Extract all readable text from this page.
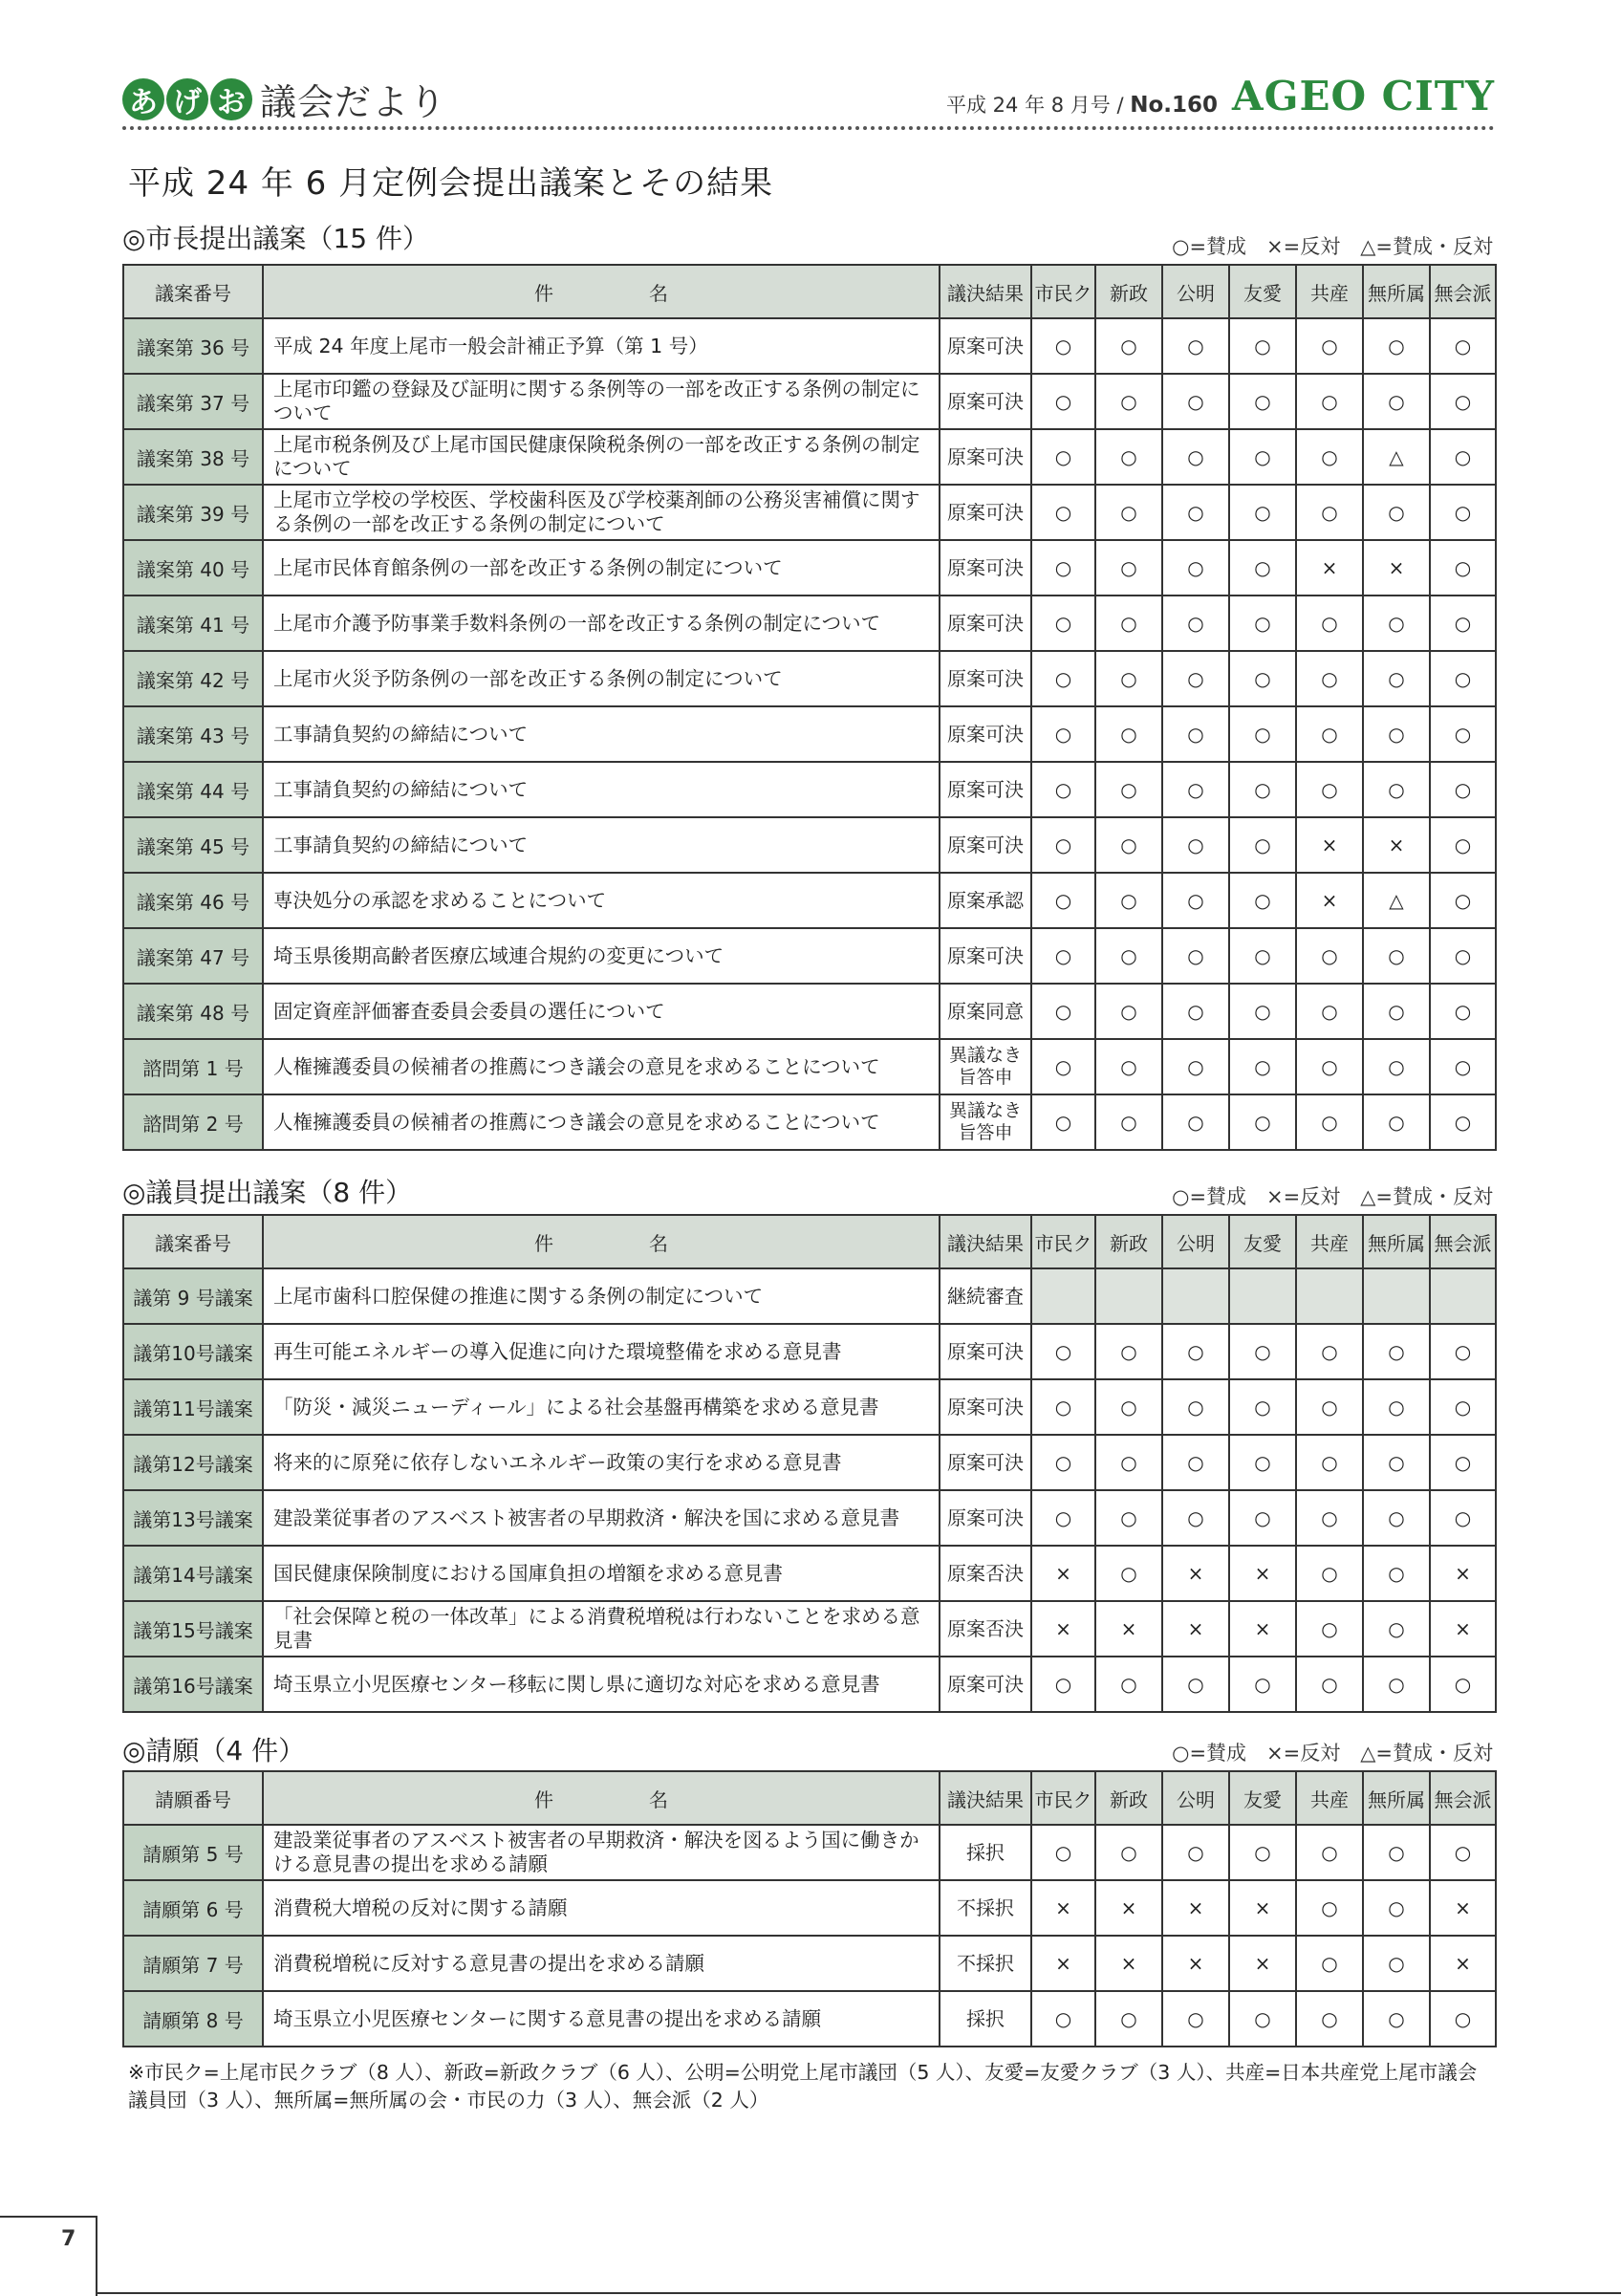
あ げ お 議会だより	平成 24 年 8 月号 / No.160 AGEO CITY
平成 24 年 6 月定例会提出議案とその結果
◎市長提出議案（15 件）	○=賛成　×=反対　△=賛成・反対
議案番号	件　　　　　名	議決結果	市民ク	新政	公明	友愛	共産	無所属	無会派
議案第 36 号	平成 24 年度上尾市一般会計補正予算（第 1 号）	原案可決	○	○	○	○	○	○	○
議案第 37 号	上尾市印鑑の登録及び証明に関する条例等の一部を改正する条例の制定について	原案可決	○	○	○	○	○	○	○
議案第 38 号	上尾市税条例及び上尾市国民健康保険税条例の一部を改正する条例の制定について	原案可決	○	○	○	○	○	△	○
議案第 39 号	上尾市立学校の学校医、学校歯科医及び学校薬剤師の公務災害補償に関する条例の一部を改正する条例の制定について	原案可決	○	○	○	○	○	○	○
議案第 40 号	上尾市民体育館条例の一部を改正する条例の制定について	原案可決	○	○	○	○	×	×	○
議案第 41 号	上尾市介護予防事業手数料条例の一部を改正する条例の制定について	原案可決	○	○	○	○	○	○	○
議案第 42 号	上尾市火災予防条例の一部を改正する条例の制定について	原案可決	○	○	○	○	○	○	○
議案第 43 号	工事請負契約の締結について	原案可決	○	○	○	○	○	○	○
議案第 44 号	工事請負契約の締結について	原案可決	○	○	○	○	○	○	○
議案第 45 号	工事請負契約の締結について	原案可決	○	○	○	○	×	×	○
議案第 46 号	専決処分の承認を求めることについて	原案承認	○	○	○	○	×	△	○
議案第 47 号	埼玉県後期高齢者医療広域連合規約の変更について	原案可決	○	○	○	○	○	○	○
議案第 48 号	固定資産評価審査委員会委員の選任について	原案同意	○	○	○	○	○	○	○
諮問第 1 号	人権擁護委員の候補者の推薦につき議会の意見を求めることについて	異議なき旨答申	○	○	○	○	○	○	○
諮問第 2 号	人権擁護委員の候補者の推薦につき議会の意見を求めることについて	異議なき旨答申	○	○	○	○	○	○	○
◎議員提出議案（8 件）	○=賛成　×=反対　△=賛成・反対
議案番号	件　　　　　名	議決結果	市民ク	新政	公明	友愛	共産	無所属	無会派
議第 9 号議案	上尾市歯科口腔保健の推進に関する条例の制定について	継続審査							
議第10号議案	再生可能エネルギーの導入促進に向けた環境整備を求める意見書	原案可決	○	○	○	○	○	○	○
議第11号議案	「防災・減災ニューディール」による社会基盤再構築を求める意見書	原案可決	○	○	○	○	○	○	○
議第12号議案	将来的に原発に依存しないエネルギー政策の実行を求める意見書	原案可決	○	○	○	○	○	○	○
議第13号議案	建設業従事者のアスベスト被害者の早期救済・解決を国に求める意見書	原案可決	○	○	○	○	○	○	○
議第14号議案	国民健康保険制度における国庫負担の増額を求める意見書	原案否決	×	○	×	×	○	○	×
議第15号議案	「社会保障と税の一体改革」による消費税増税は行わないことを求める意見書	原案否決	×	×	×	×	○	○	×
議第16号議案	埼玉県立小児医療センター移転に関し県に適切な対応を求める意見書	原案可決	○	○	○	○	○	○	○
◎請願（4 件）	○=賛成　×=反対　△=賛成・反対
請願番号	件　　　　　名	議決結果	市民ク	新政	公明	友愛	共産	無所属	無会派
請願第 5 号	建設業従事者のアスベスト被害者の早期救済・解決を図るよう国に働きかける意見書の提出を求める請願	採択	○	○	○	○	○	○	○
請願第 6 号	消費税大増税の反対に関する請願	不採択	×	×	×	×	○	○	×
請願第 7 号	消費税増税に反対する意見書の提出を求める請願	不採択	×	×	×	×	○	○	×
請願第 8 号	埼玉県立小児医療センターに関する意見書の提出を求める請願	採択	○	○	○	○	○	○	○
※市民ク=上尾市民クラブ（8 人）、新政=新政クラブ（6 人）、公明=公明党上尾市議団（5 人）、友愛=友愛クラブ（3 人）、共産=日本共産党上尾市議会議員団（3 人）、無所属=無所属の会・市民の力（3 人）、無会派（2 人）
7
